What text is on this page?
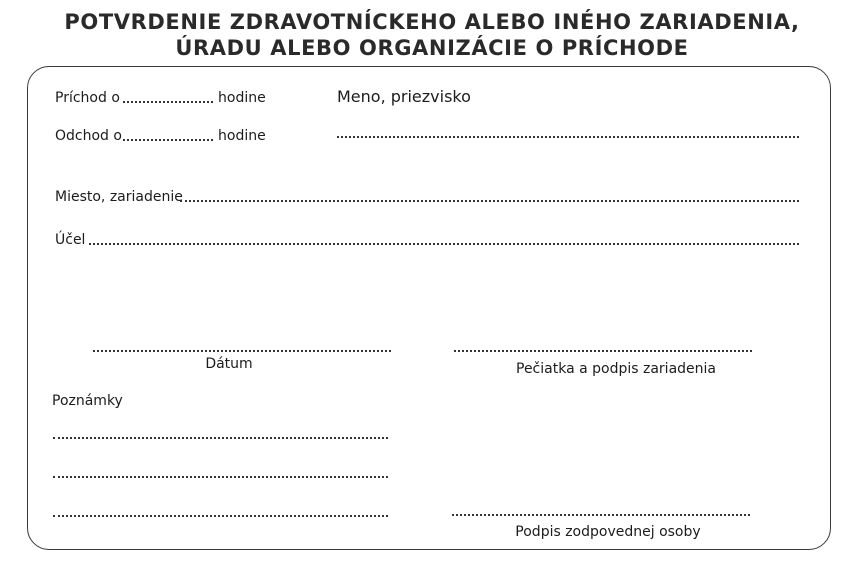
POTVRDENIE ZDRAVOTNÍCKEHO ALEBO INÉHO ZARIADENIA,
ÚRADU ALEBO ORGANIZÁCIE O PRÍCHODE
Príchod o	hodine	Meno, priezvisko
Odchod o	hodine
Miesto, zariadenie
Účel
Dátum	Pečiatka a podpis zariadenia
Poznámky
Podpis zodpovednej osoby
